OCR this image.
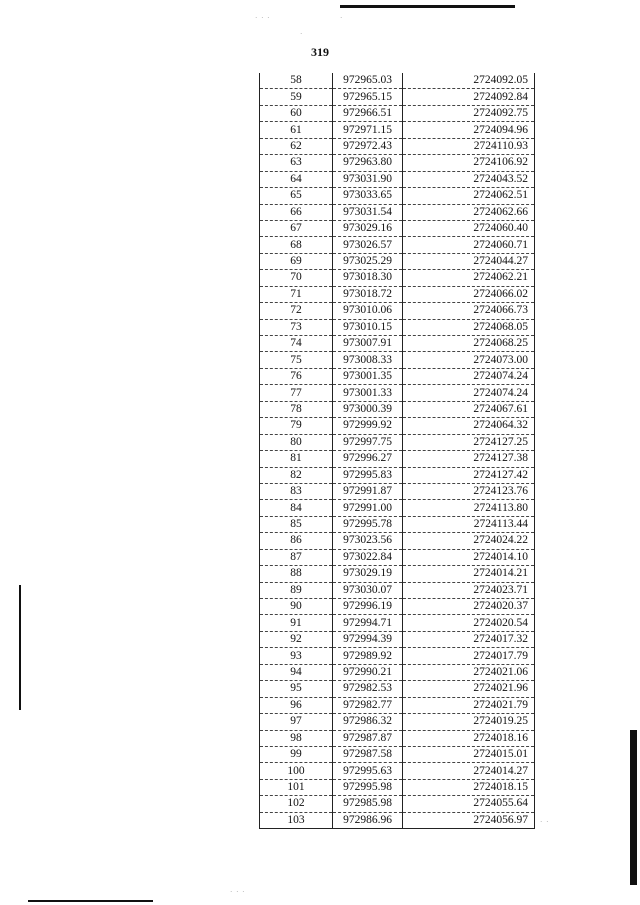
· · ·	·
·
319
58	972965.03	2724092.05
59	972965.15	2724092.84
60	972966.51	2724092.75
61	972971.15	2724094.96
62	972972.43	2724110.93
63	972963.80	2724106.92
64	973031.90	2724043.52
65	973033.65	2724062.51
66	973031.54	2724062.66
67	973029.16	2724060.40
68	973026.57	2724060.71
69	973025.29	2724044.27
70	973018.30	2724062.21
71	973018.72	2724066.02
72	973010.06	2724066.73
73	973010.15	2724068.05
74	973007.91	2724068.25
75	973008.33	2724073.00
76	973001.35	2724074.24
77	973001.33	2724074.24
78	973000.39	2724067.61
79	972999.92	2724064.32
80	972997.75	2724127.25
81	972996.27	2724127.38
82	972995.83	2724127.42
83	972991.87	2724123.76
84	972991.00	2724113.80
85	972995.78	2724113.44
86	973023.56	2724024.22
87	973022.84	2724014.10
88	973029.19	2724014.21
89	973030.07	2724023.71
90	972996.19	2724020.37
91	972994.71	2724020.54
92	972994.39	2724017.32
93	972989.92	2724017.79
94	972990.21	2724021.06
95	972982.53	2724021.96
96	972982.77	2724021.79
97	972986.32	2724019.25
98	972987.87	2724018.16
99	972987.58	2724015.01
100	972995.63	2724014.27
101	972995.98	2724018.15
102	972985.98	2724055.64
103	972986.96	2724056.97
· · ·
· ·
